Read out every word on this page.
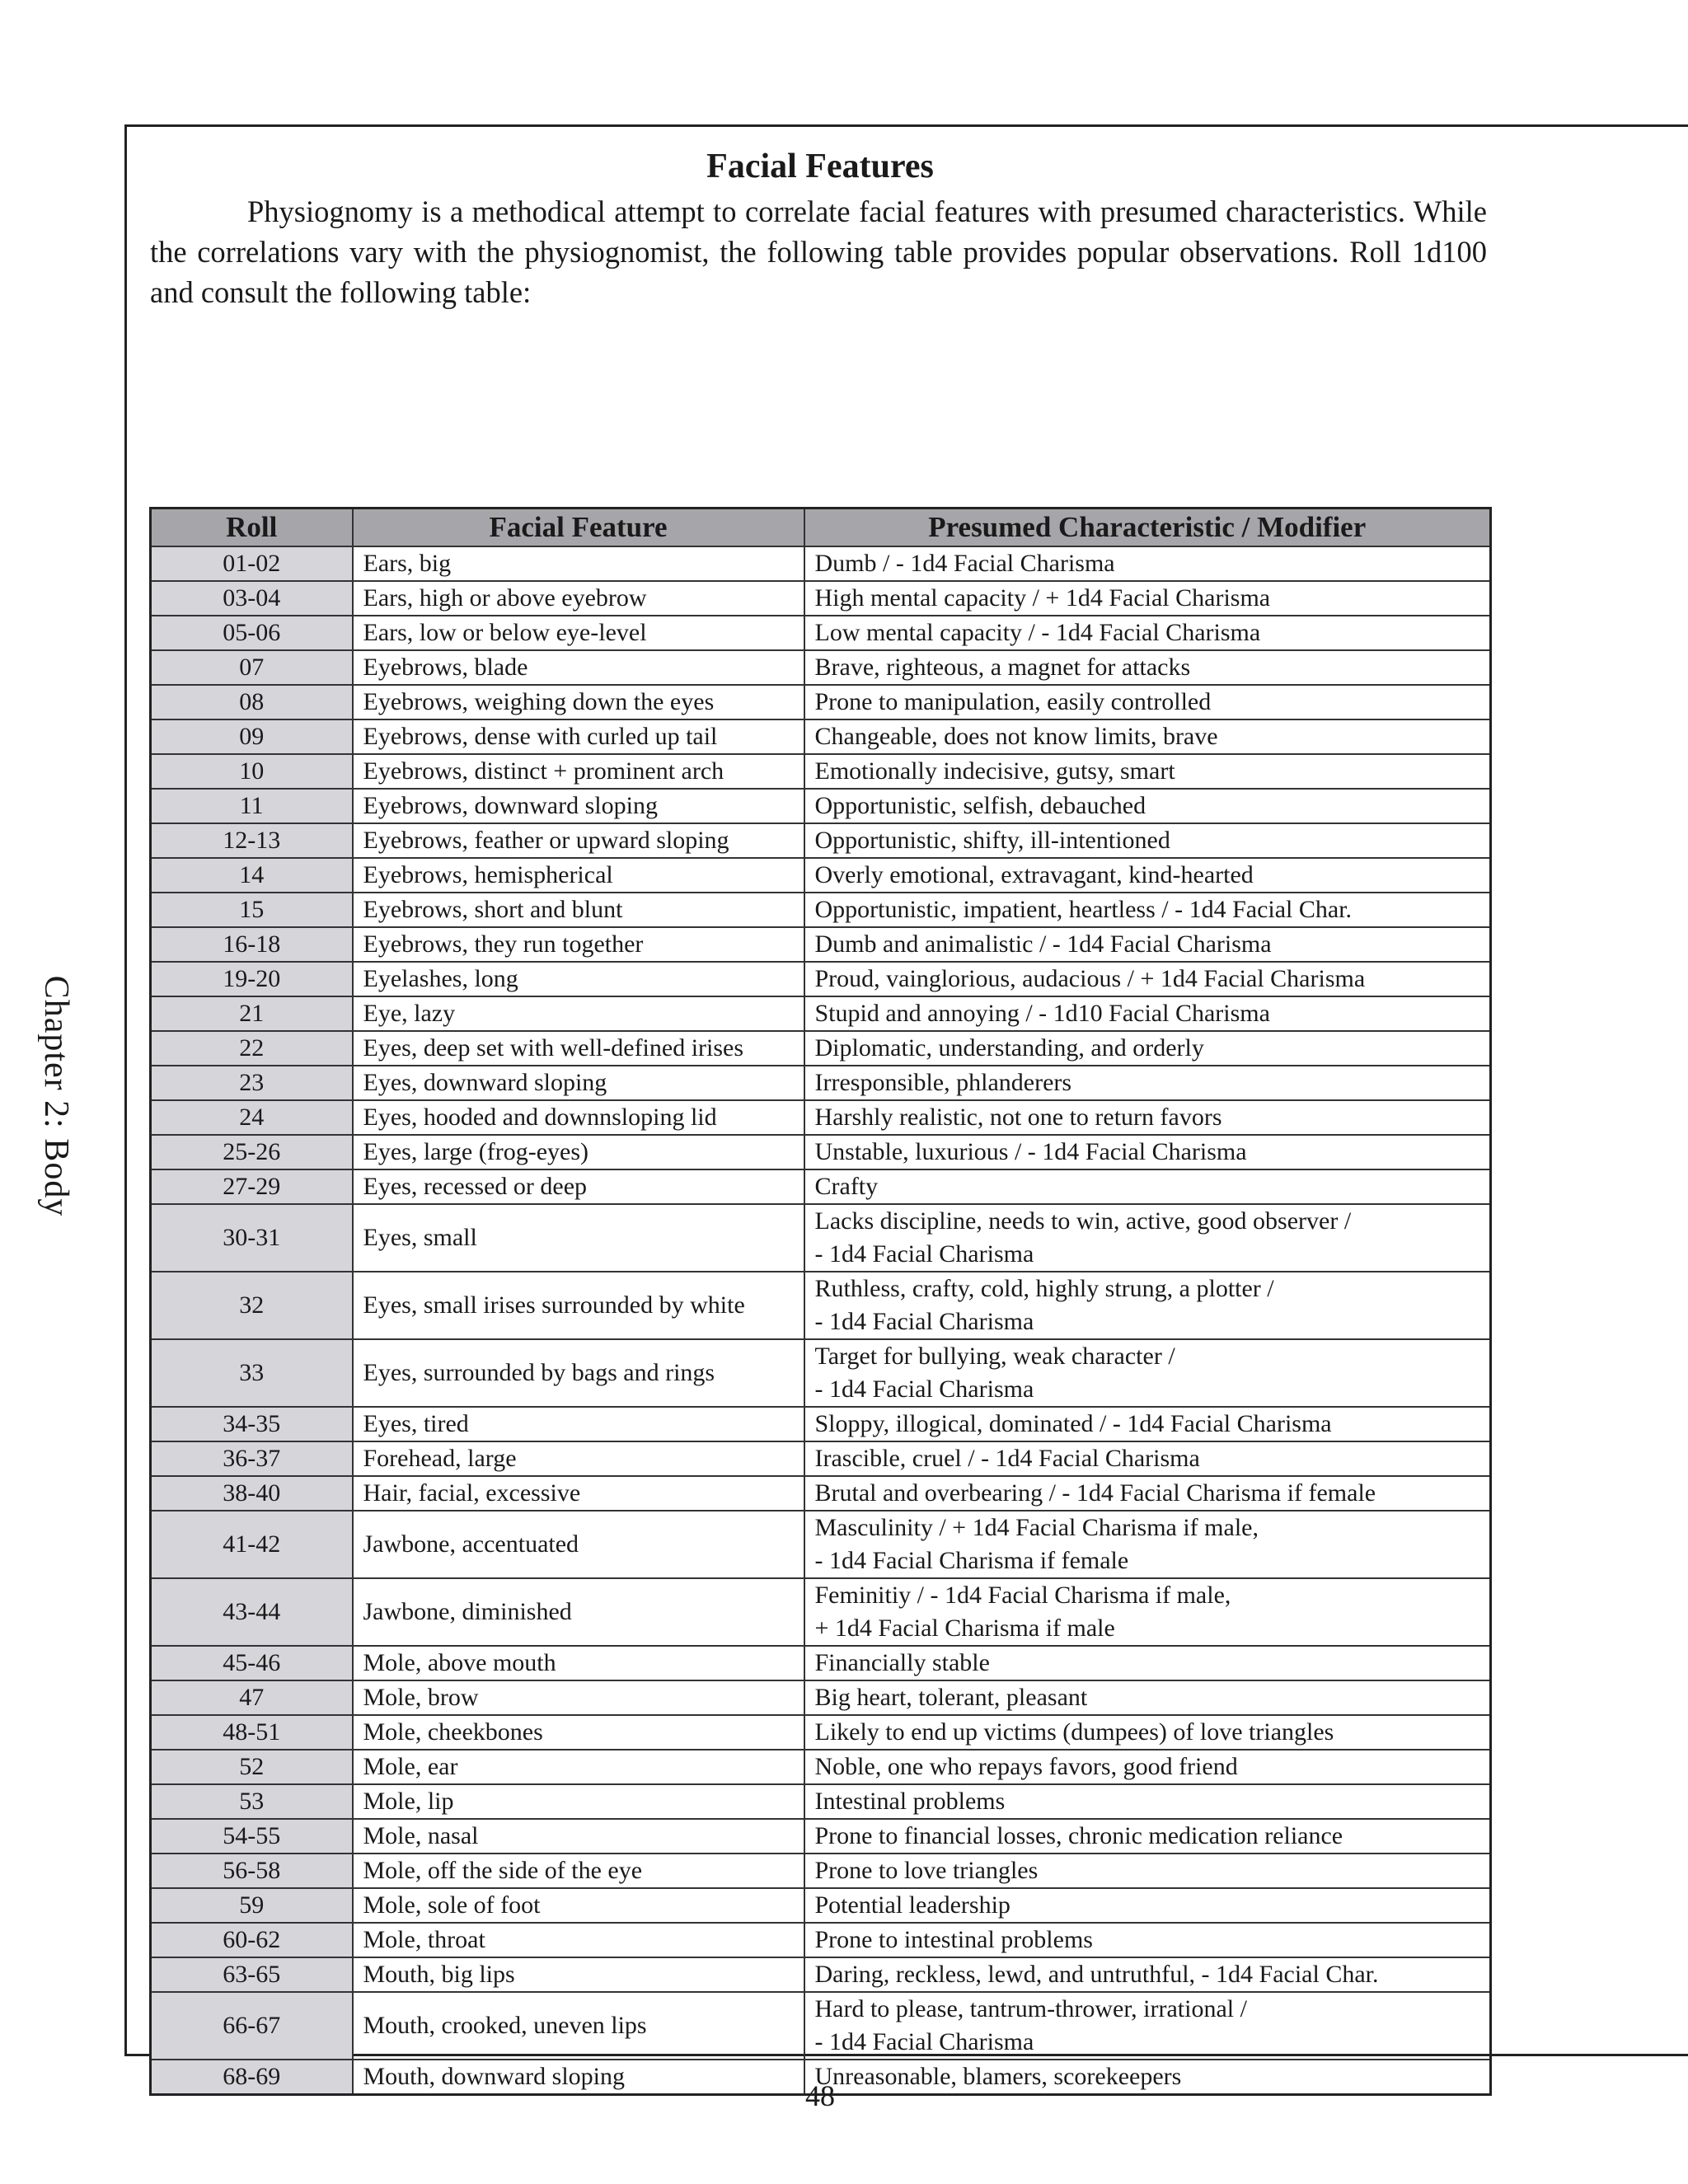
Chapter 2: Body
Facial Features
Physiognomy is a methodical attempt to correlate facial features with presumed characteristics. While the correlations vary with the physiognomist, the following table provides popular observations. Roll 1d100 and consult the following table:
Roll	Facial Feature	Presumed Characteristic / Modifier
01-02	Ears, big	Dumb / - 1d4 Facial Charisma

03-04	Ears, high or above eyebrow	High mental capacity / + 1d4 Facial Charisma

05-06	Ears, low or below eye-level	Low mental capacity / - 1d4 Facial Charisma

07	Eyebrows, blade	Brave, righteous, a magnet for attacks

08	Eyebrows, weighing down the eyes	Prone to manipulation, easily controlled

09	Eyebrows, dense with curled up tail	Changeable, does not know limits, brave

10	Eyebrows, distinct + prominent arch	Emotionally indecisive, gutsy, smart

11	Eyebrows, downward sloping	Opportunistic, selfish, debauched

12-13	Eyebrows, feather or upward sloping	Opportunistic, shifty, ill-intentioned

14	Eyebrows, hemispherical	Overly emotional, extravagant, kind-hearted

15	Eyebrows, short and blunt	Opportunistic, impatient, heartless / - 1d4 Facial Char.

16-18	Eyebrows, they run together	Dumb and animalistic / - 1d4 Facial Charisma

19-20	Eyelashes, long	Proud, vainglorious, audacious / + 1d4 Facial Charisma

21	Eye, lazy	Stupid and annoying / - 1d10 Facial Charisma

22	Eyes, deep set with well-defined irises	Diplomatic, understanding, and orderly

23	Eyes, downward sloping	Irresponsible, phlanderers

24	Eyes, hooded and downnsloping lid	Harshly realistic, not one to return favors

25-26	Eyes, large (frog-eyes)	Unstable, luxurious / - 1d4 Facial Charisma

27-29	Eyes, recessed or deep	Crafty

30-31	Eyes, small	Lacks discipline, needs to win, active, good observer /
- 1d4 Facial Charisma

32	Eyes, small irises surrounded by white	Ruthless, crafty, cold, highly strung, a plotter /
- 1d4 Facial Charisma

33	Eyes, surrounded by bags and rings	Target for bullying, weak character /
- 1d4 Facial Charisma

34-35	Eyes, tired	Sloppy, illogical, dominated / - 1d4 Facial Charisma

36-37	Forehead, large	Irascible, cruel / - 1d4 Facial Charisma

38-40	Hair, facial, excessive	Brutal and overbearing / - 1d4 Facial Charisma if female

41-42	Jawbone, accentuated	Masculinity / + 1d4 Facial Charisma if male,
- 1d4 Facial Charisma if female

43-44	Jawbone, diminished	Feminitiy / - 1d4 Facial Charisma if male,
+ 1d4 Facial Charisma if male

45-46	Mole, above mouth	Financially stable

47	Mole, brow	Big heart, tolerant, pleasant

48-51	Mole, cheekbones	Likely to end up victims (dumpees) of love triangles

52	Mole, ear	Noble, one who repays favors, good friend

53	Mole, lip	Intestinal problems

54-55	Mole, nasal	Prone to financial losses, chronic medication reliance

56-58	Mole, off the side of the eye	Prone to love triangles

59	Mole, sole of foot	Potential leadership

60-62	Mole, throat	Prone to intestinal problems

63-65	Mouth, big lips	Daring, reckless, lewd, and untruthful, - 1d4 Facial Char.

66-67	Mouth, crooked, uneven lips	Hard to please, tantrum-thrower, irrational /
- 1d4 Facial Charisma

68-69	Mouth, downward sloping	Unreasonable, blamers, scorekeepers
48
